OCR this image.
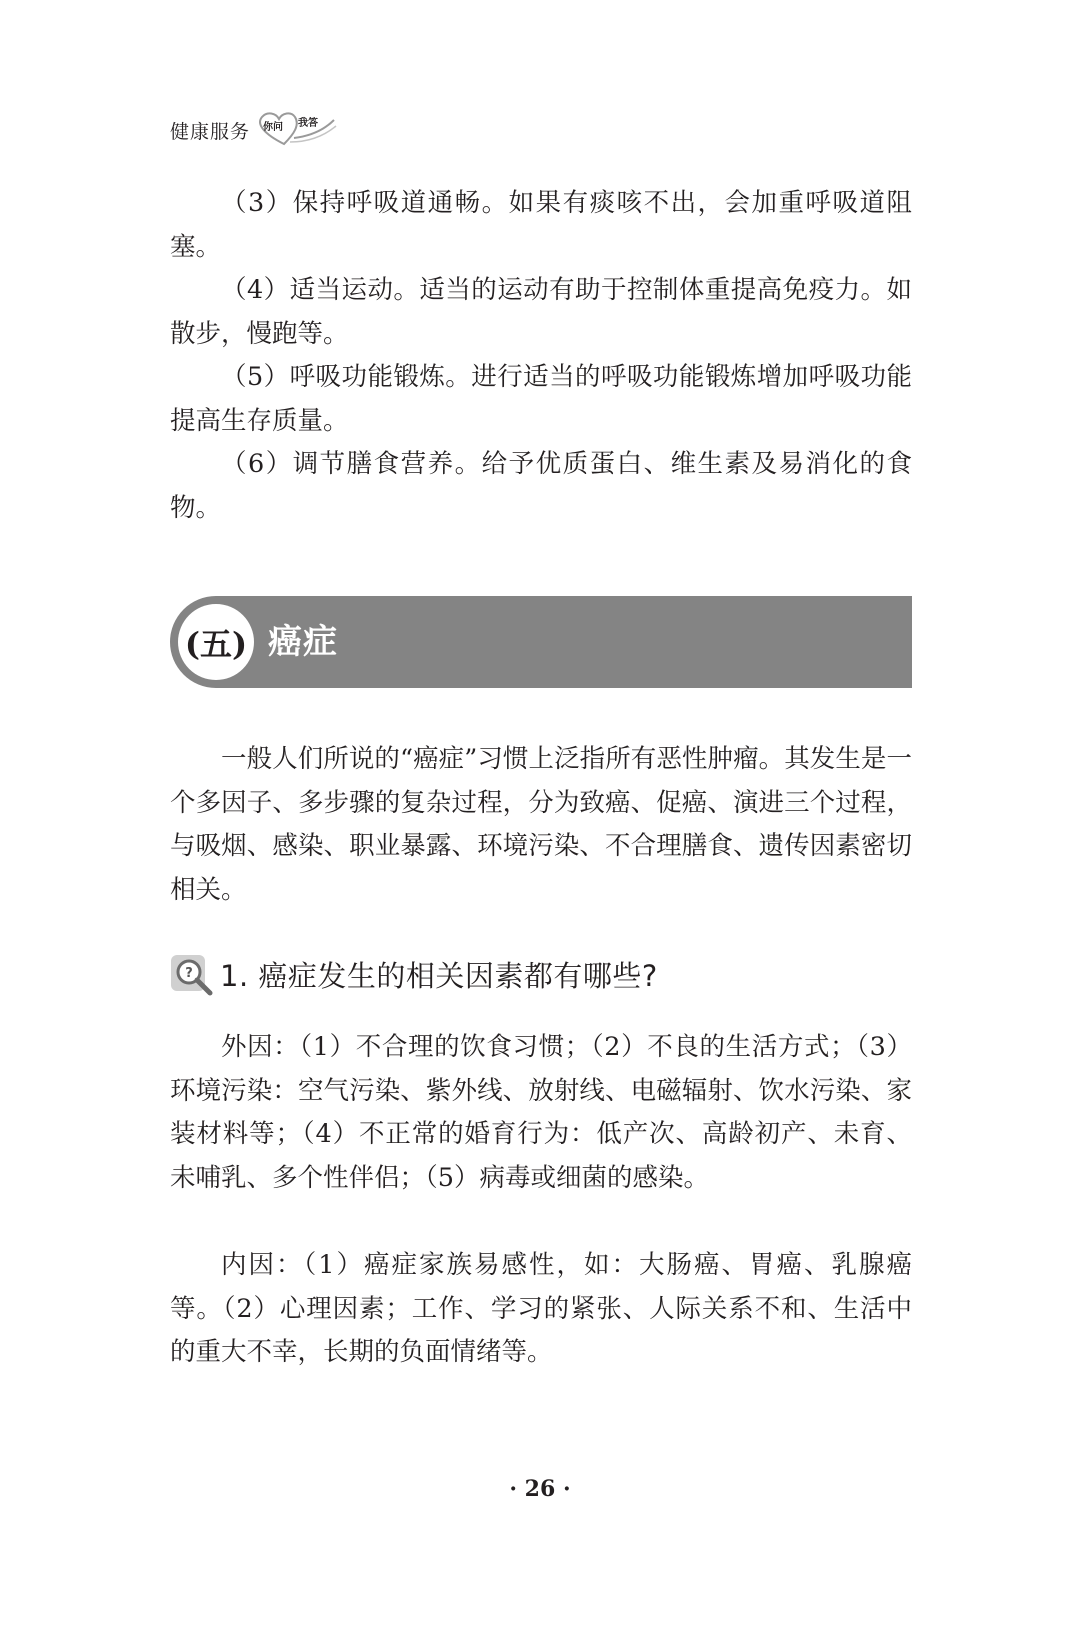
健康服务 你问 我答

（3）保持呼吸道通畅。如果有痰咳不出，会加重呼吸道阻塞。

（4）适当运动。适当的运动有助于控制体重提高免疫力。如散步，慢跑等。

（5）呼吸功能锻炼。进行适当的呼吸功能锻炼增加呼吸功能提高生存质量。

（6）调节膳食营养。给予优质蛋白、维生素及易消化的食物。

(五) 癌症

一般人们所说的“癌症”习惯上泛指所有恶性肿瘤。其发生是一个多因子、多步骤的复杂过程，分为致癌、促癌、演进三个过程，与吸烟、感染、职业暴露、环境污染、不合理膳食、遗传因素密切相关。

? 1. 癌症发生的相关因素都有哪些?

外因：（1）不合理的饮食习惯；（2）不良的生活方式；（3）环境污染：空气污染、紫外线、放射线、电磁辐射、饮水污染、家装材料等；（4）不正常的婚育行为：低产次、高龄初产、未育、未哺乳、多个性伴侣；（5）病毒或细菌的感染。

内因：（1）癌症家族易感性，如：大肠癌、胃癌、乳腺癌等。（2）心理因素；工作、学习的紧张、人际关系不和、生活中的重大不幸，长期的负面情绪等。

· 26 ·
